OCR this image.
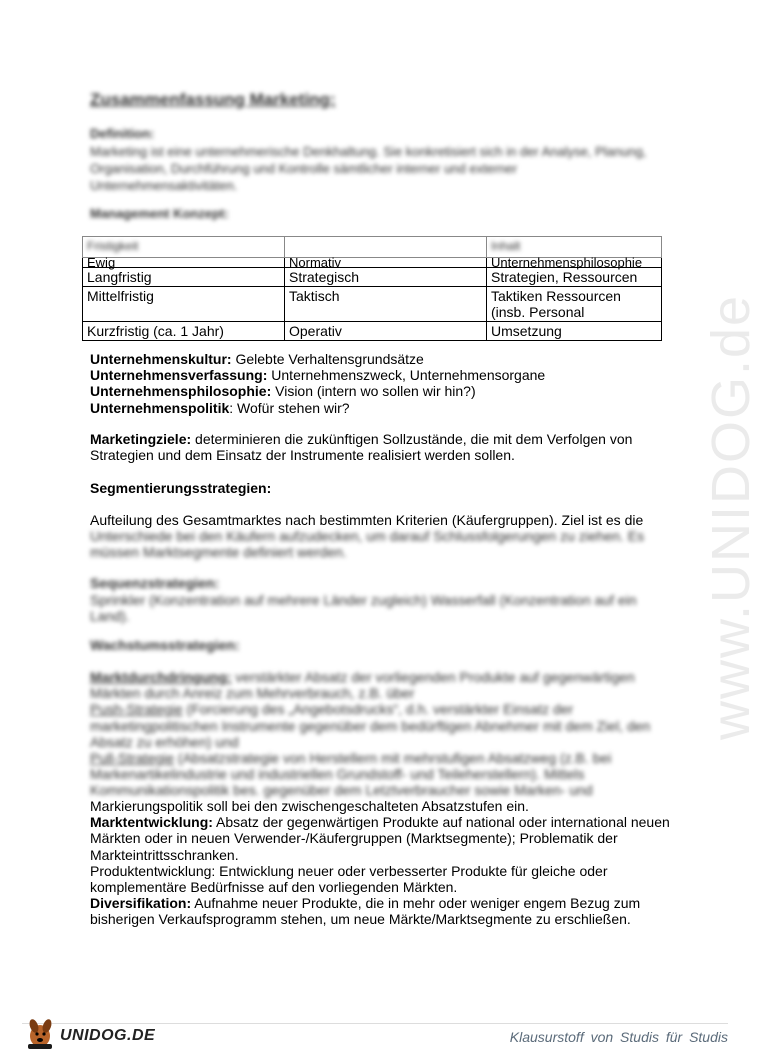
www.UNIDOG.de
Zusammenfassung Marketing:
Definition:
Marketing ist eine unternehmerische Denkhaltung. Sie konkretisiert sich in der Analyse, Planung, Organisation, Durchführung und Kontrolle sämtlicher interner und externer Unternehmensaktivitäten.
Management Konzept:
Fristigkeit		Inhalt
Ewig	Normativ	Unternehmensphilosophie
Langfristig	Strategisch	Strategien, Ressourcen
Mittelfristig	Taktisch	Taktiken Ressourcen (insb. Personal
Kurzfristig (ca. 1 Jahr)	Operativ	Umsetzung
Unternehmenskultur: Gelebte Verhaltensgrundsätze
Unternehmensverfassung: Unternehmenszweck, Unternehmensorgane
Unternehmensphilosophie: Vision (intern wo sollen wir hin?)
Unternehmenspolitik: Wofür stehen wir?
Marketingziele: determinieren die zukünftigen Sollzustände, die mit dem Verfolgen von Strategien und dem Einsatz der Instrumente realisiert werden sollen.
Segmentierungsstrategien:
Aufteilung des Gesamtmarktes nach bestimmten Kriterien (Käufergruppen). Ziel ist es die
Unterschiede bei den Käufern aufzudecken, um darauf Schlussfolgerungen zu ziehen. Es müssen Marktsegmente definiert werden.
Sequenzstrategien:
Sprinkler (Konzentration auf mehrere Länder zugleich) Wasserfall (Konzentration auf ein Land).
Wachstumsstrategien:
Marktdurchdringung: verstärkter Absatz der vorliegenden Produkte auf gegenwärtigen Märkten durch Anreiz zum Mehrverbrauch, z.B. über
Push-Strategie (Forcierung des „Angebotsdrucks“, d.h. verstärkter Einsatz der marketingpolitischen Instrumente gegenüber dem bedürftigen Abnehmer mit dem Ziel, den Absatz zu erhöhen) und
Pull-Strategie (Absatzstrategie von Herstellern mit mehrstufigen Absatzweg (z.B. bei Markenartikelindustrie und industriellen Grundstoff- und Teileherstellern). Mittels Kommunikationspolitik bes. gegenüber dem Letztverbraucher sowie Marken- und
Markierungspolitik soll bei den zwischengeschalteten Absatzstufen ein.
Marktentwicklung: Absatz der gegenwärtigen Produkte auf national oder international neuen Märkten oder in neuen Verwender-/Käufergruppen (Marktsegmente); Problematik der Markteintrittsschranken.
Produktentwicklung: Entwicklung neuer oder verbesserter Produkte für gleiche oder komplementäre Bedürfnisse auf den vorliegenden Märkten.
Diversifikation: Aufnahme neuer Produkte, die in mehr oder weniger engem Bezug zum bisherigen Verkaufsprogramm stehen, um neue Märkte/Marktsegmente zu erschließen.
UNIDOG.DE	Klausurstoff von Studis für Studis
